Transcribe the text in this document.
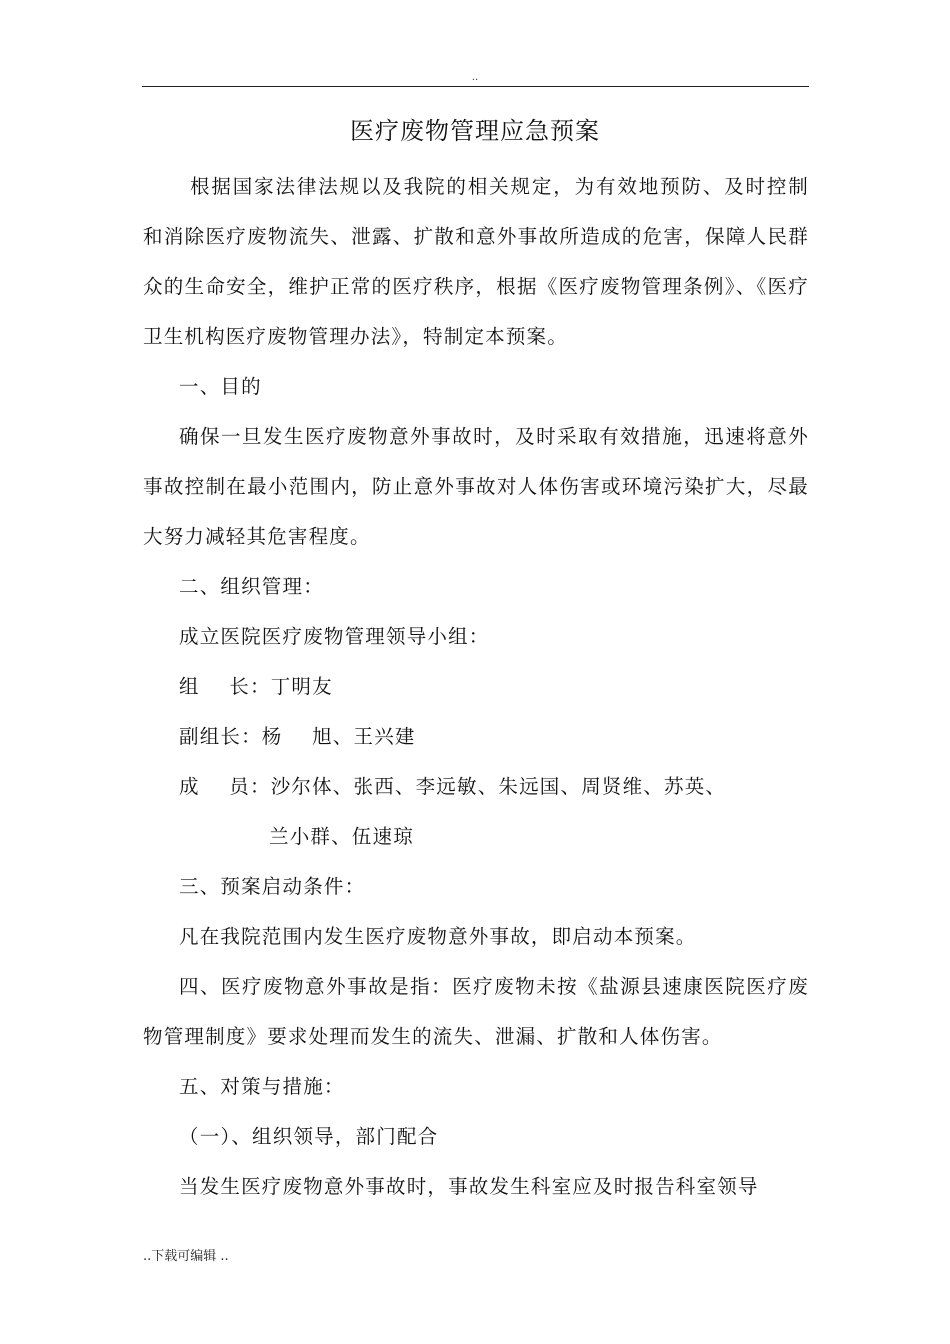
..
医疗废物管理应急预案

根据国家法律法规以及我院的相关规定，为有效地预防、及时控制和消除医疗废物流失、泄露、扩散和意外事故所造成的危害，保障人民群众的生命安全，维护正常的医疗秩序，根据《医疗废物管理条例》、《医疗卫生机构医疗废物管理办法》，特制定本预案。

一、目的

确保一旦发生医疗废物意外事故时，及时采取有效措施，迅速将意外事故控制在最小范围内，防止意外事故对人体伤害或环境污染扩大，尽最大努力减轻其危害程度。

二、组织管理：

成立医院医疗废物管理领导小组：

组    长：丁明友

副组长：杨    旭、王兴建

成    员：沙尔体、张西、李远敏、朱远国、周贤维、苏英、

兰小群、伍速琼

三、预案启动条件：

凡在我院范围内发生医疗废物意外事故，即启动本预案。

四、医疗废物意外事故是指：医疗废物未按《盐源县速康医院医疗废物管理制度》要求处理而发生的流失、泄漏、扩散和人体伤害。

五、对策与措施：

（一）、组织领导，部门配合

当发生医疗废物意外事故时，事故发生科室应及时报告科室领导

..下载可编辑 ..
